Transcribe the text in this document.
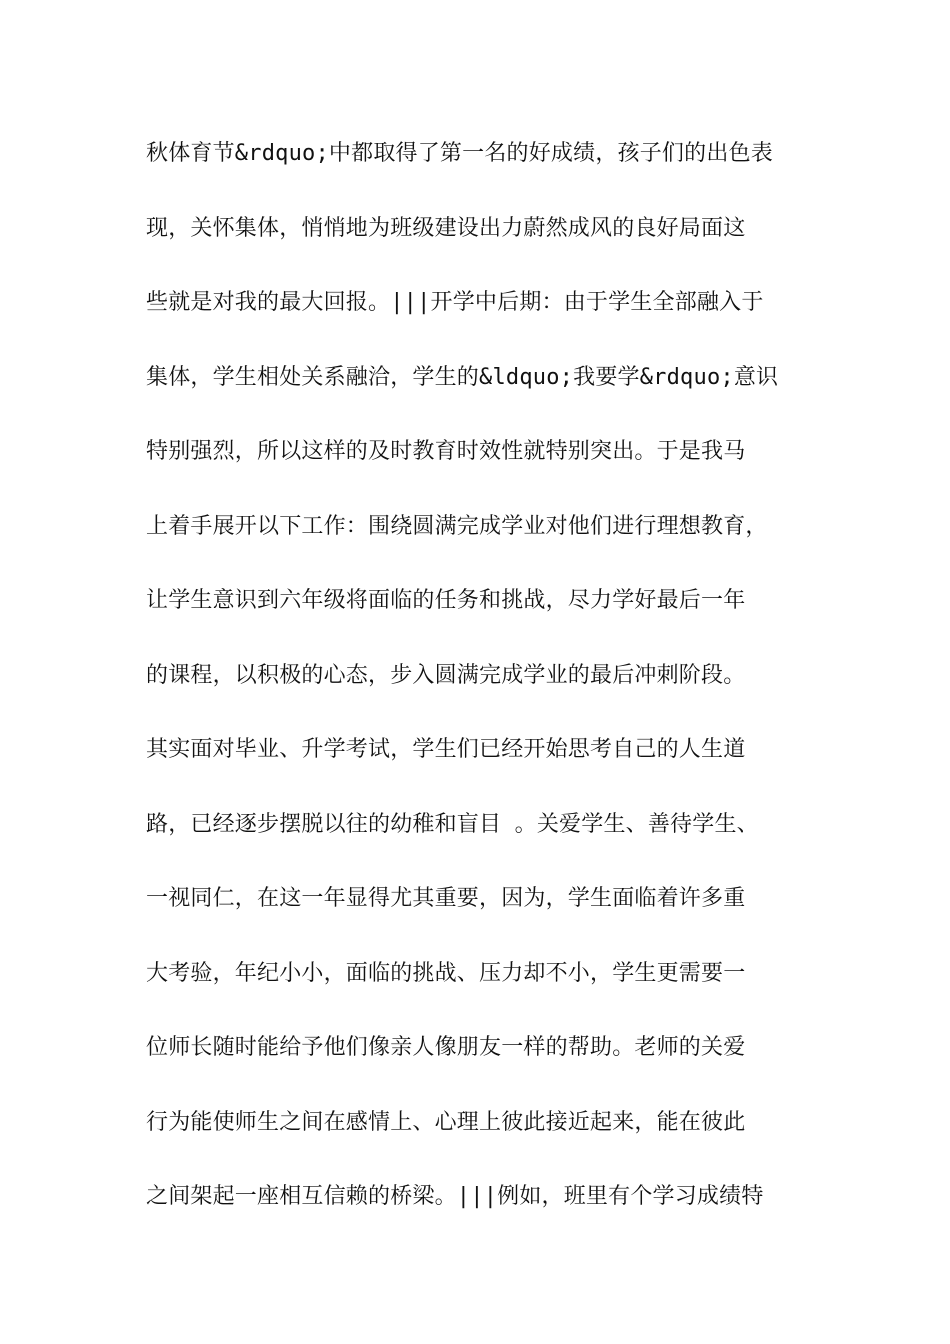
秋体育节&rdquo;中都取得了第一名的好成绩，孩子们的出色表
现，关怀集体，悄悄地为班级建设出力蔚然成风的良好局面这
些就是对我的最大回报。|||开学中后期：由于学生全部融入于
集体，学生相处关系融洽，学生的&ldquo;我要学&rdquo;意识
特别强烈，所以这样的及时教育时效性就特别突出。于是我马
上着手展开以下工作：围绕圆满完成学业对他们进行理想教育，
让学生意识到六年级将面临的任务和挑战，尽力学好最后一年
的课程，以积极的心态，步入圆满完成学业的最后冲刺阶段。
其实面对毕业、升学考试，学生们已经开始思考自己的人生道
路，已经逐步摆脱以往的幼稚和盲目 。关爱学生、善待学生、
一视同仁，在这一年显得尤其重要，因为，学生面临着许多重
大考验，年纪小小，面临的挑战、压力却不小，学生更需要一
位师长随时能给予他们像亲人像朋友一样的帮助。老师的关爱
行为能使师生之间在感情上、心理上彼此接近起来，能在彼此
之间架起一座相互信赖的桥梁。|||例如，班里有个学习成绩特
